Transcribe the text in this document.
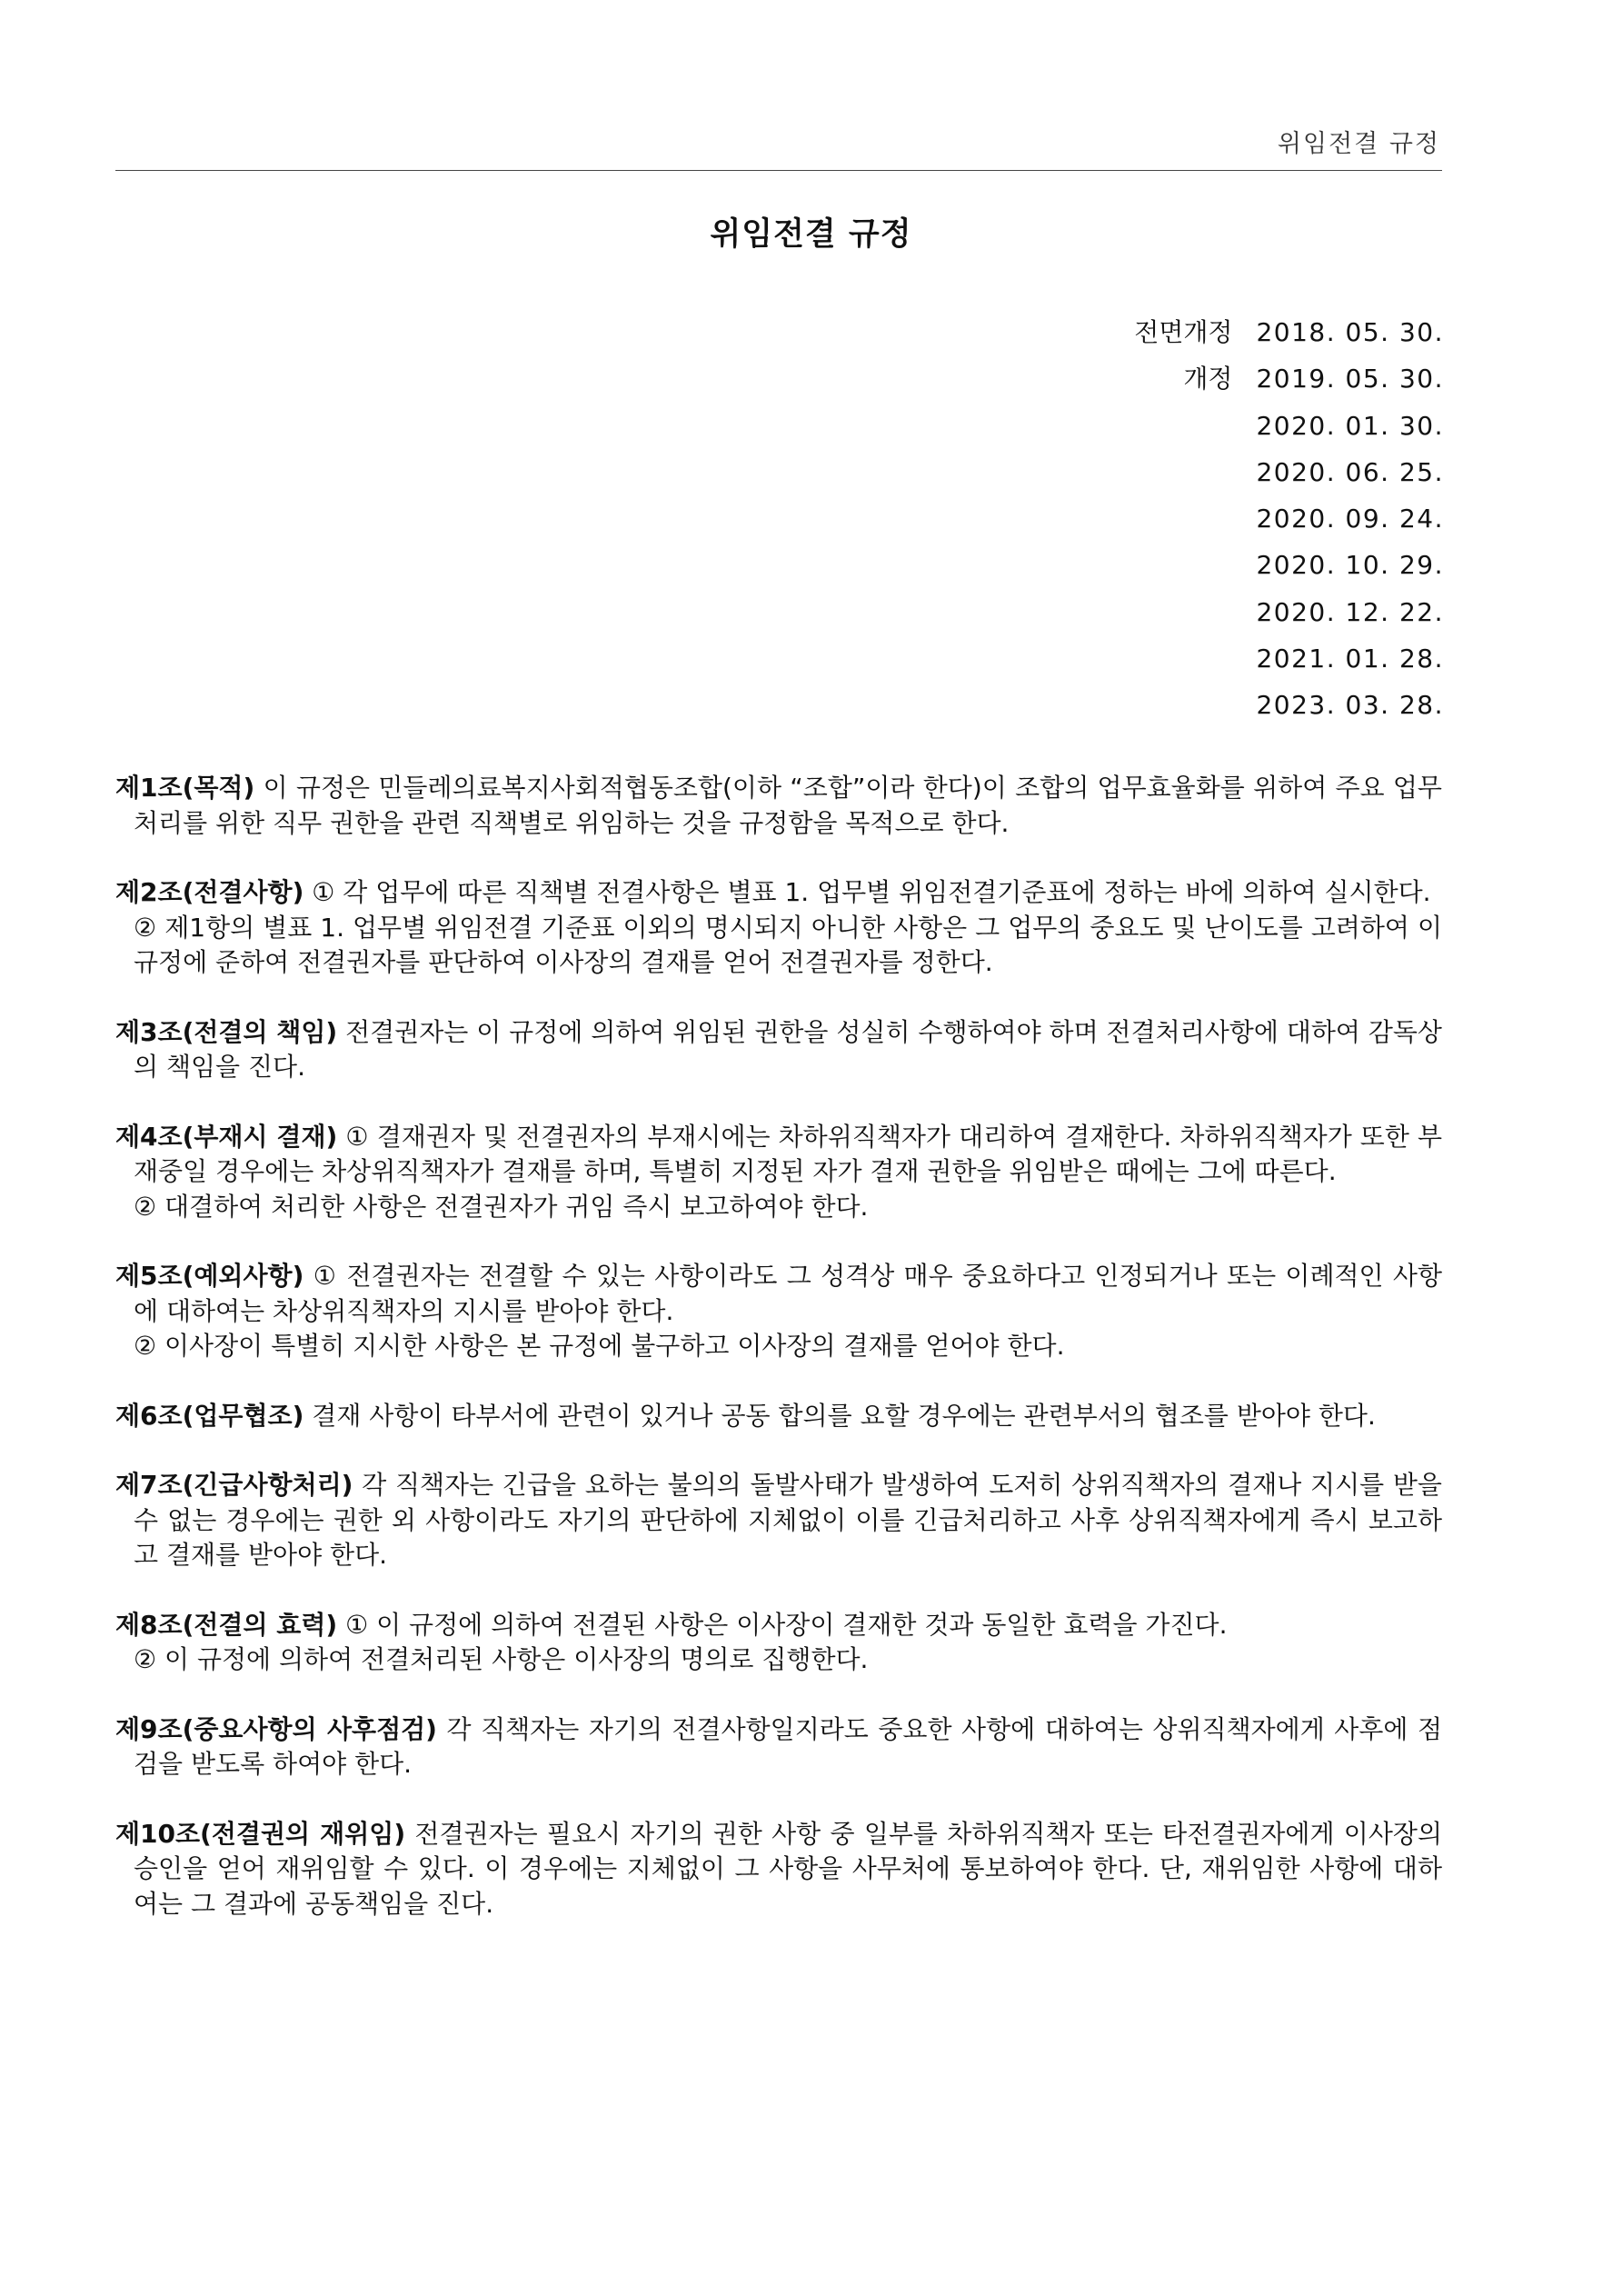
위임전결 규정
위임전결 규정
전면개정 2018. 05. 30.
개정 2019. 05. 30.
2020. 01. 30.
2020. 06. 25.
2020. 09. 24.
2020. 10. 29.
2020. 12. 22.
2021. 01. 28.
2023. 03. 28.
제1조(목적) 이 규정은 민들레의료복지사회적협동조합(이하 “조합”이라 한다)이 조합의 업무효율화를 위하여 주요 업무처리를 위한 직무 권한을 관련 직책별로 위임하는 것을 규정함을 목적으로 한다.
제2조(전결사항) ① 각 업무에 따른 직책별 전결사항은 별표 1. 업무별 위임전결기준표에 정하는 바에 의하여 실시한다.
② 제1항의 별표 1. 업무별 위임전결 기준표 이외의 명시되지 아니한 사항은 그 업무의 중요도 및 난이도를 고려하여 이 규정에 준하여 전결권자를 판단하여 이사장의 결재를 얻어 전결권자를 정한다.
제3조(전결의 책임) 전결권자는 이 규정에 의하여 위임된 권한을 성실히 수행하여야 하며 전결처리사항에 대하여 감독상의 책임을 진다.
제4조(부재시 결재) ① 결재권자 및 전결권자의 부재시에는 차하위직책자가 대리하여 결재한다. 차하위직책자가 또한 부재중일 경우에는 차상위직책자가 결재를 하며, 특별히 지정된 자가 결재 권한을 위임받은 때에는 그에 따른다.
② 대결하여 처리한 사항은 전결권자가 귀임 즉시 보고하여야 한다.
제5조(예외사항) ① 전결권자는 전결할 수 있는 사항이라도 그 성격상 매우 중요하다고 인정되거나 또는 이례적인 사항에 대하여는 차상위직책자의 지시를 받아야 한다.
② 이사장이 특별히 지시한 사항은 본 규정에 불구하고 이사장의 결재를 얻어야 한다.
제6조(업무협조) 결재 사항이 타부서에 관련이 있거나 공동 합의를 요할 경우에는 관련부서의 협조를 받아야 한다.
제7조(긴급사항처리) 각 직책자는 긴급을 요하는 불의의 돌발사태가 발생하여 도저히 상위직책자의 결재나 지시를 받을 수 없는 경우에는 권한 외 사항이라도 자기의 판단하에 지체없이 이를 긴급처리하고 사후 상위직책자에게 즉시 보고하고 결재를 받아야 한다.
제8조(전결의 효력) ① 이 규정에 의하여 전결된 사항은 이사장이 결재한 것과 동일한 효력을 가진다.
② 이 규정에 의하여 전결처리된 사항은 이사장의 명의로 집행한다.
제9조(중요사항의 사후점검) 각 직책자는 자기의 전결사항일지라도 중요한 사항에 대하여는 상위직책자에게 사후에 점검을 받도록 하여야 한다.
제10조(전결권의 재위임) 전결권자는 필요시 자기의 권한 사항 중 일부를 차하위직책자 또는 타전결권자에게 이사장의 승인을 얻어 재위임할 수 있다. 이 경우에는 지체없이 그 사항을 사무처에 통보하여야 한다. 단, 재위임한 사항에 대하여는 그 결과에 공동책임을 진다.
